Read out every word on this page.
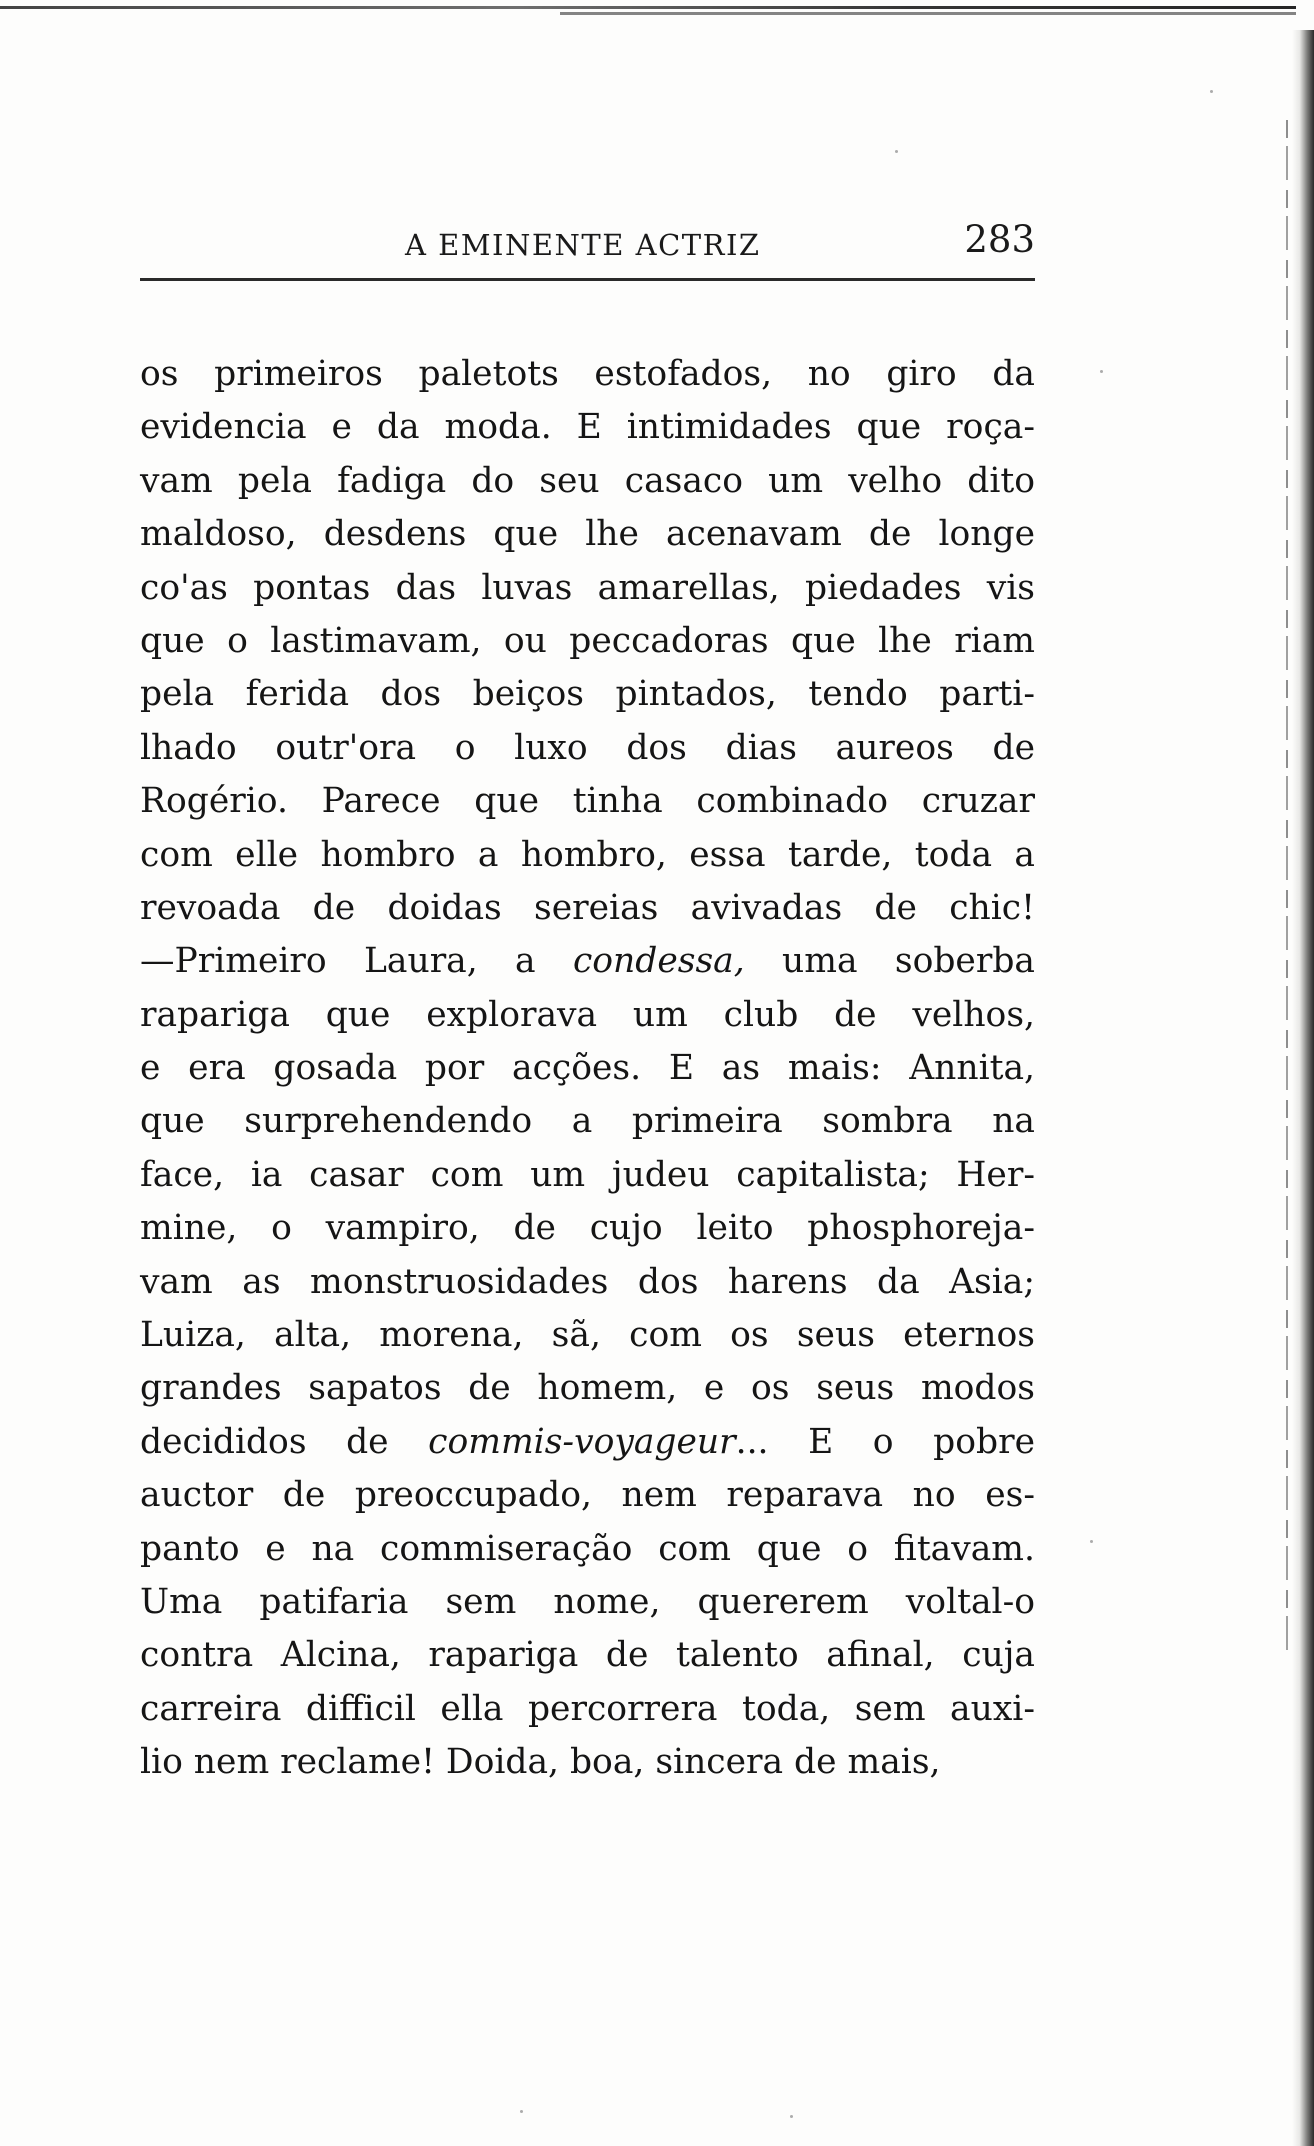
A EMINENTE ACTRIZ	283
os primeiros paletots estofados, no giro da
evidencia e da moda. E intimidades que roça-
vam pela fadiga do seu casaco um velho dito
maldoso, desdens que lhe acenavam de longe
co'as pontas das luvas amarellas, piedades vis
que o lastimavam, ou peccadoras que lhe riam
pela ferida dos beiços pintados, tendo parti-
lhado outr'ora o luxo dos dias aureos de
Rogério. Parece que tinha combinado cruzar
com elle hombro a hombro, essa tarde, toda a
revoada de doidas sereias avivadas de chic!
—Primeiro Laura, a condessa, uma soberba
rapariga que explorava um club de velhos,
e era gosada por acções. E as mais: Annita,
que surprehendendo a primeira sombra na
face, ia casar com um judeu capitalista; Her-
mine, o vampiro, de cujo leito phosphoreja-
vam as monstruosidades dos harens da Asia;
Luiza, alta, morena, sã, com os seus eternos
grandes sapatos de homem, e os seus modos
decididos de commis-voyageur... E o pobre
auctor de preoccupado, nem reparava no es-
panto e na commiseração com que o fitavam.
Uma patifaria sem nome, quererem voltal-o
contra Alcina, rapariga de talento afinal, cuja
carreira difficil ella percorrera toda, sem auxi-
lio nem reclame! Doida, boa, sincera de mais,
